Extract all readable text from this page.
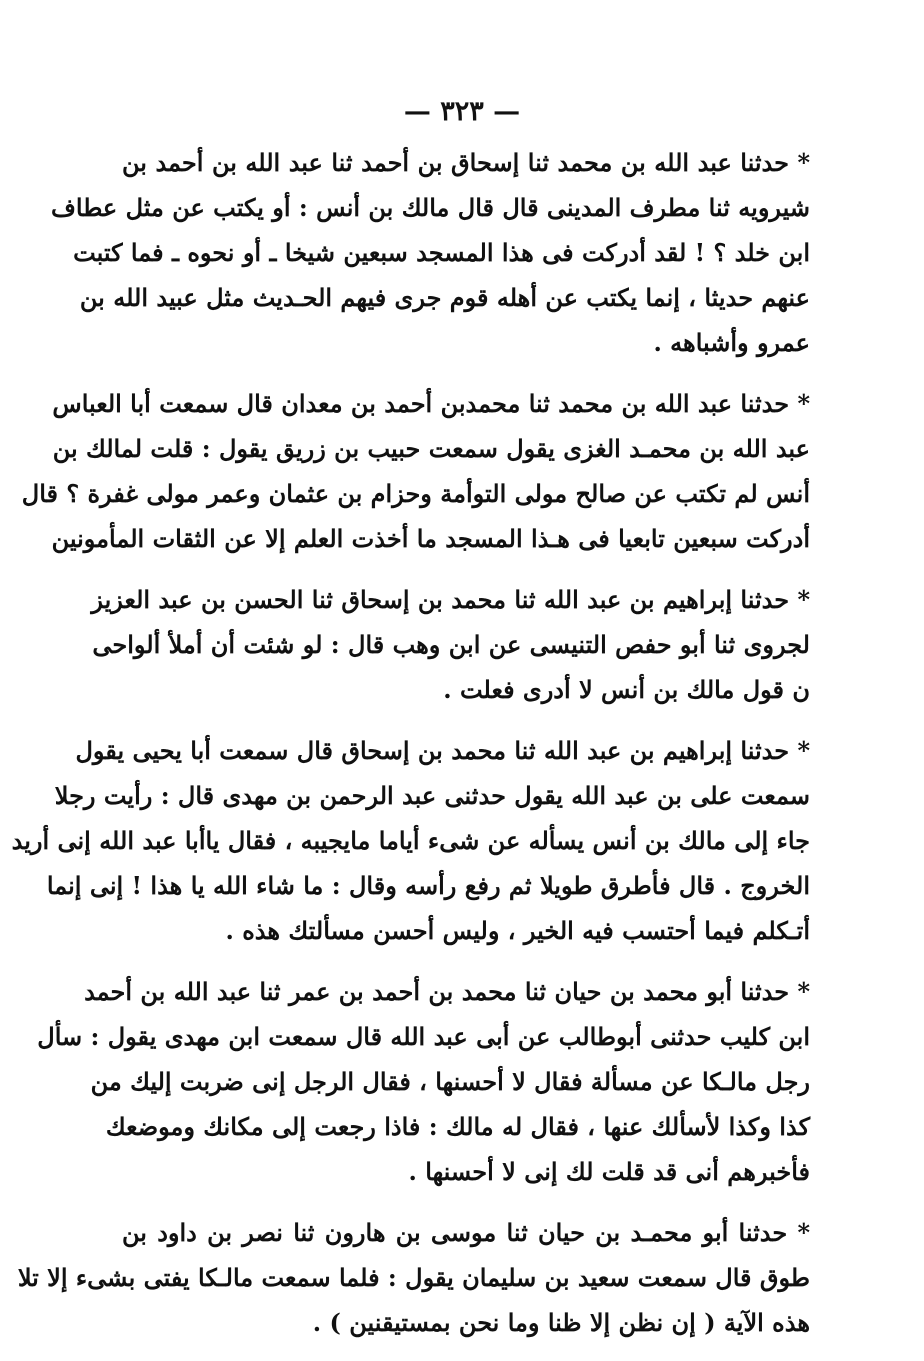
— ٣٢٣ —
* حدثنا عبد الله بن محمد ثنا إسحاق بن أحمد ثنا عبد الله بن أحمد بن
شيرويه ثنا مطرف المدينى قال قال مالك بن أنس : أو يكتب عن مثل عطاف
ابن خلد ؟ ! لقد أدركت فى هذا المسجد سبعين شيخا ـ أو نحوه ـ فما كتبت
عنهم حديثا ، إنما يكتب عن أهله قوم جرى فيهم الحـديث مثل عبيد الله بن
عمرو وأشباهه .
* حدثنا عبد الله بن محمد ثنا محمدبن أحمد بن معدان قال سمعت أبا العباس
عبد الله بن محمـد الغزى يقول سمعت حبيب بن زريق يقول : قلت لمالك بن
أنس لم تكتب عن صالح مولى التوأمة وحزام بن عثمان وعمر مولى غفرة ؟ قال
أدركت سبعين تابعيا فى هـذا المسجد ما أخذت العلم إلا عن الثقات المأمونين
* حدثنا إبراهيم بن عبد الله ثنا محمد بن إسحاق ثنا الحسن بن عبد العزيز
لجروى ثنا أبو حفص التنيسى عن ابن وهب قال : لو شئت أن أملأ ألواحى
ن قول مالك بن أنس لا أدرى فعلت .
* حدثنا إبراهيم بن عبد الله ثنا محمد بن إسحاق قال سمعت أبا يحيى يقول
سمعت على بن عبد الله يقول حدثنى عبد الرحمن بن مهدى قال : رأيت رجلا
جاء إلى مالك بن أنس يسأله عن شىء أياما مايجيبه ، فقال ياأبا عبد الله إنى أريد
الخروج . قال فأطرق طويلا ثم رفع رأسه وقال : ما شاء الله يا هذا ! إنى إنما
أتـكلم فيما أحتسب فيه الخير ، وليس أحسن مسألتك هذه .
* حدثنا أبو محمد بن حيان ثنا محمد بن أحمد بن عمر ثنا عبد الله بن أحمد
ابن كليب حدثنى أبوطالب عن أبى عبد الله قال سمعت ابن مهدى يقول : سأل
رجل مالـكا عن مسألة فقال لا أحسنها ، فقال الرجل إنى ضربت إليك من
كذا وكذا لأسألك عنها ، فقال له مالك : فاذا رجعت إلى مكانك وموضعك
فأخبرهم أنى قد قلت لك إنى لا أحسنها .
* حدثنا أبو محمـد بن حيان ثنا موسى بن هارون ثنا نصر بن داود بن
طوق قال سمعت سعيد بن سليمان يقول : فلما سمعت مالـكا يفتى بشىء إلا تلا
هذه الآية ( إن نظن إلا ظنا وما نحن بمستيقنين ) .
